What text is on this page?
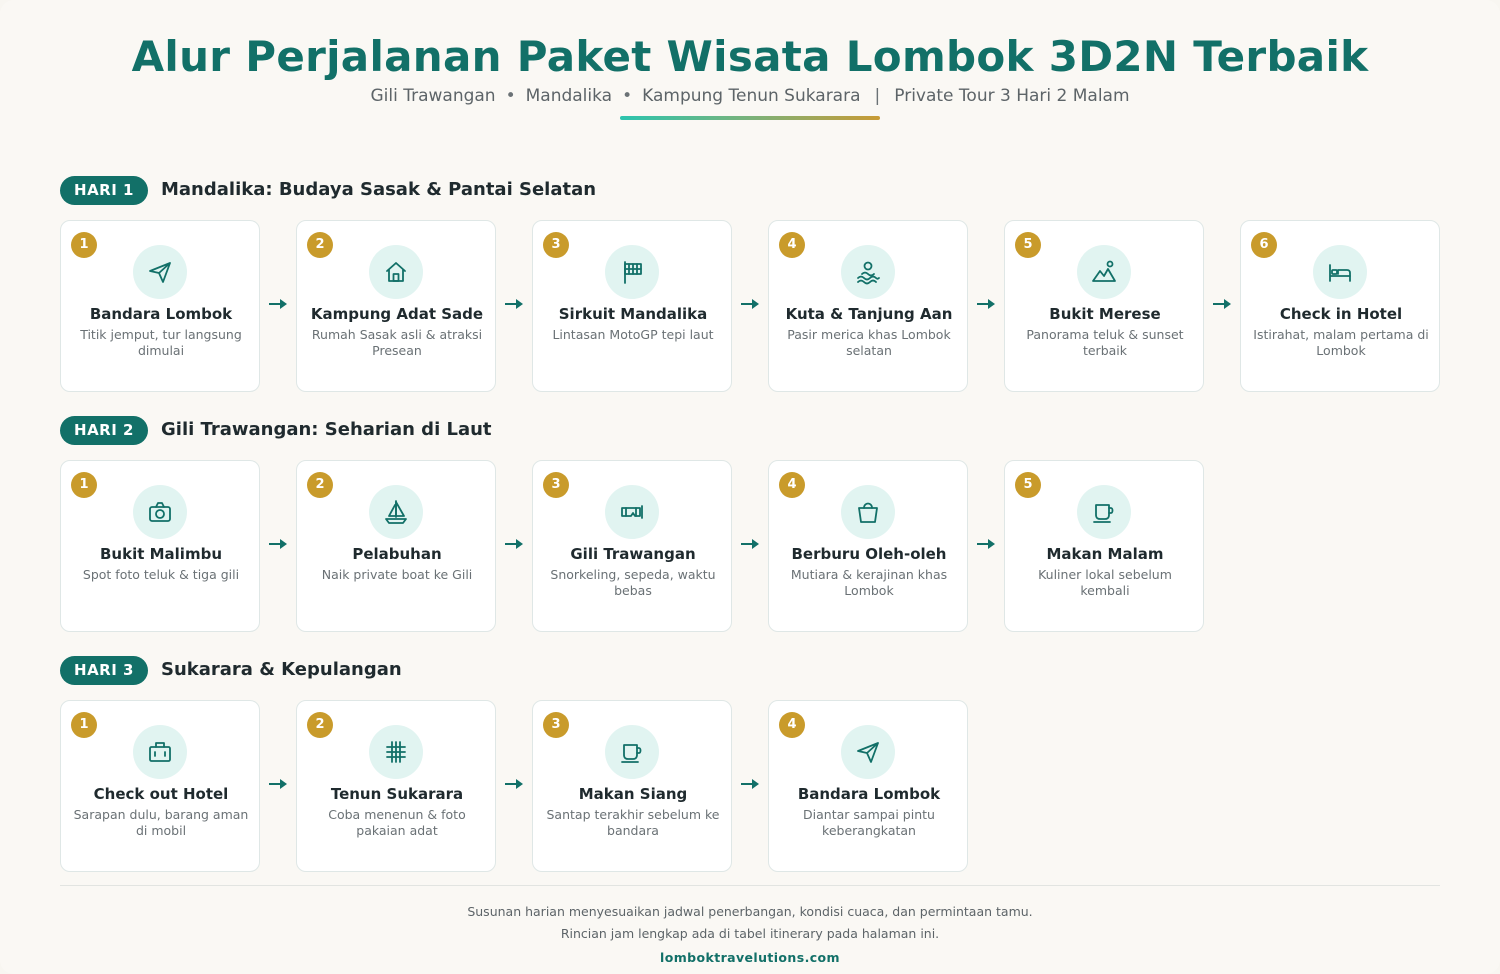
Alur Perjalanan Paket Wisata Lombok 3D2N Terbaik
Gili Trawangan • Mandalika • Kampung Tenun Sukarara | Private Tour 3 Hari 2 Malam
HARI 1	Mandalika: Budaya Sasak & Pantai Selatan
1
Bandara Lombok
Titik jemput, tur langsung dimulai
2
Kampung Adat Sade
Rumah Sasak asli & atraksi Presean
3
Sirkuit Mandalika
Lintasan MotoGP tepi laut
4
Kuta & Tanjung Aan
Pasir merica khas Lombok selatan
5
Bukit Merese
Panorama teluk & sunset terbaik
6
Check in Hotel
Istirahat, malam pertama di Lombok
HARI 2	Gili Trawangan: Seharian di Laut
1
Bukit Malimbu
Spot foto teluk & tiga gili
2
Pelabuhan
Naik private boat ke Gili
3
Gili Trawangan
Snorkeling, sepeda, waktu bebas
4
Berburu Oleh-oleh
Mutiara & kerajinan khas Lombok
5
Makan Malam
Kuliner lokal sebelum kembali
HARI 3	Sukarara & Kepulangan
1
Check out Hotel
Sarapan dulu, barang aman di mobil
2
Tenun Sukarara
Coba menenun & foto pakaian adat
3
Makan Siang
Santap terakhir sebelum ke bandara
4
Bandara Lombok
Diantar sampai pintu keberangkatan
Susunan harian menyesuaikan jadwal penerbangan, kondisi cuaca, dan permintaan tamu.
Rincian jam lengkap ada di tabel itinerary pada halaman ini.
lomboktravelutions.com
